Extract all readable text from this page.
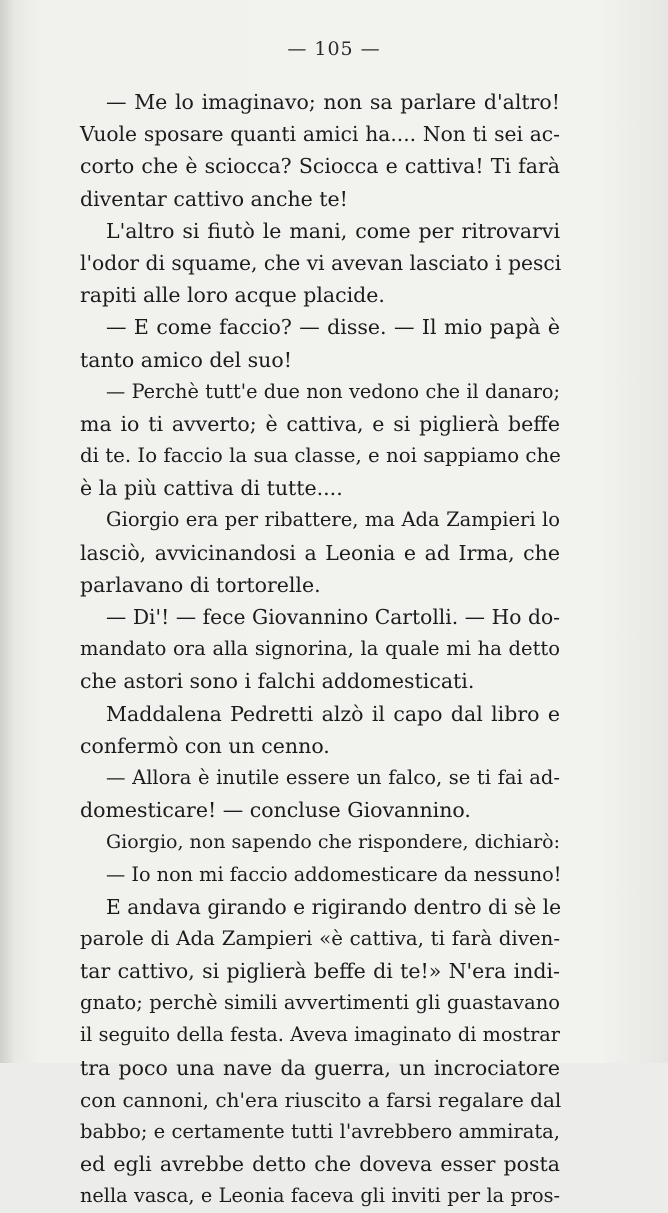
— 105 —
— Me lo imaginavo; non sa parlare d'altro!
Vuole sposare quanti amici ha.... Non ti sei ac-
corto che è sciocca? Sciocca e cattiva! Ti farà
diventar cattivo anche te!
L'altro si fiutò le mani, come per ritrovarvi
l'odor di squame, che vi avevan lasciato i pesci
rapiti alle loro acque placide.
— E come faccio? — disse. — Il mio papà è
tanto amico del suo!
— Perchè tutt'e due non vedono che il danaro;
ma io ti avverto; è cattiva, e si piglierà beffe
di te. Io faccio la sua classe, e noi sappiamo che
è la più cattiva di tutte....
Giorgio era per ribattere, ma Ada Zampieri lo
lasciò, avvicinandosi a Leonia e ad Irma, che
parlavano di tortorelle.
— Di'! — fece Giovannino Cartolli. — Ho do-
mandato ora alla signorina, la quale mi ha detto
che astori sono i falchi addomesticati.
Maddalena Pedretti alzò il capo dal libro e
confermò con un cenno.
— Allora è inutile essere un falco, se ti fai ad-
domesticare! — concluse Giovannino.
Giorgio, non sapendo che rispondere, dichiarò:
— Io non mi faccio addomesticare da nessuno!
E andava girando e rigirando dentro di sè le
parole di Ada Zampieri «è cattiva, ti farà diven-
tar cattivo, si piglierà beffe di te!» N'era indi-
gnato; perchè simili avvertimenti gli guastavano
il seguito della festa. Aveva imaginato di mostrar
tra poco una nave da guerra, un incrociatore
con cannoni, ch'era riuscito a farsi regalare dal
babbo; e certamente tutti l'avrebbero ammirata,
ed egli avrebbe detto che doveva esser posta
nella vasca, e Leonia faceva gli inviti per la pros-
